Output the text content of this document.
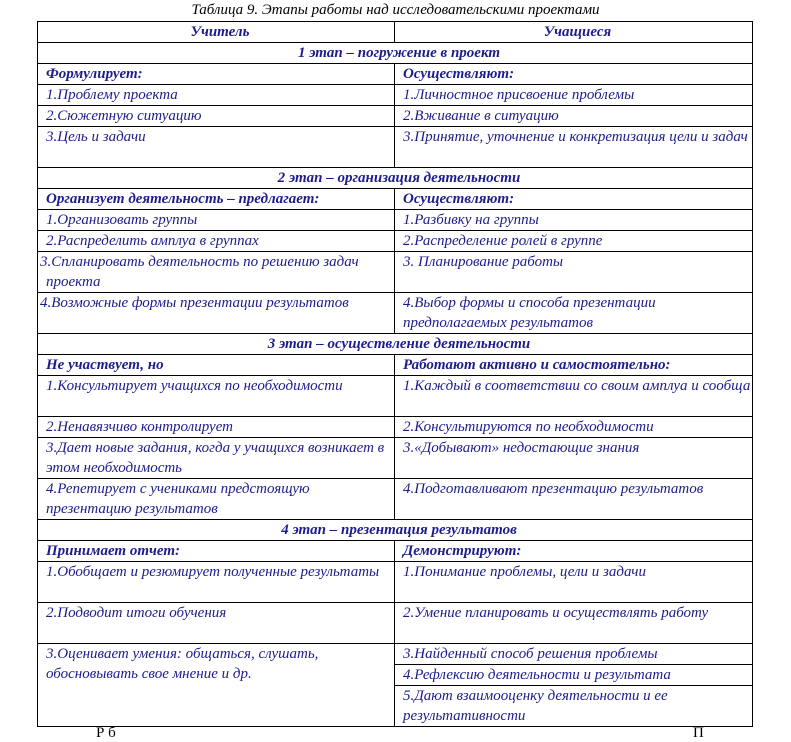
Таблица 9. Этапы работы над исследовательскими проектами
Учитель	Учащиеся
1 этап – погружение в проект	
Формулирует:	Осуществляют:
1.Проблему проекта	1.Личностное присвоение проблемы
2.Сюжетную ситуацию	2.Вживание в ситуацию
3.Цель и задачи	3.Принятие, уточнение и конкретизация цели и задач
2 этап – организация деятельности	
Организует деятельность – предлагает:	Осуществляют:
1.Организовать группы	1.Разбивку на группы
2.Распределить амплуа в группах	2.Распределение ролей в группе
3.Спланировать деятельность по решению задач проекта	3. Планирование работы
4.Возможные формы презентации результатов	4.Выбор формы и способа презентации предполагаемых результатов
3 этап – осуществление деятельности	
Не участвует, но	Работают активно и самостоятельно:
1.Консультирует учащихся по необходимости	1.Каждый в соответствии со своим амплуа и сообща
2.Ненавязчиво контролирует	2.Консультируются по необходимости
3.Дает новые задания, когда у учащихся возникает в этом необходимость	3.«Добывают» недостающие знания
4.Репетирует с учениками предстоящую презентацию результатов	4.Подготавливают презентацию результатов
4 этап – презентация результатов	
Принимает отчет:	Демонстрируют:
1.Обобщает и резюмирует полученные результаты	1.Понимание проблемы, цели и задачи
2.Подводит итоги обучения	2.Умение планировать и осуществлять работу
3.Оценивает умения: общаться, слушать, обосновывать свое мнение и др.	3.Найденный способ решения проблемы
4.Рефлексию деятельности и результата
5.Дают взаимооценку деятельности и ее результативности
Р б	П
